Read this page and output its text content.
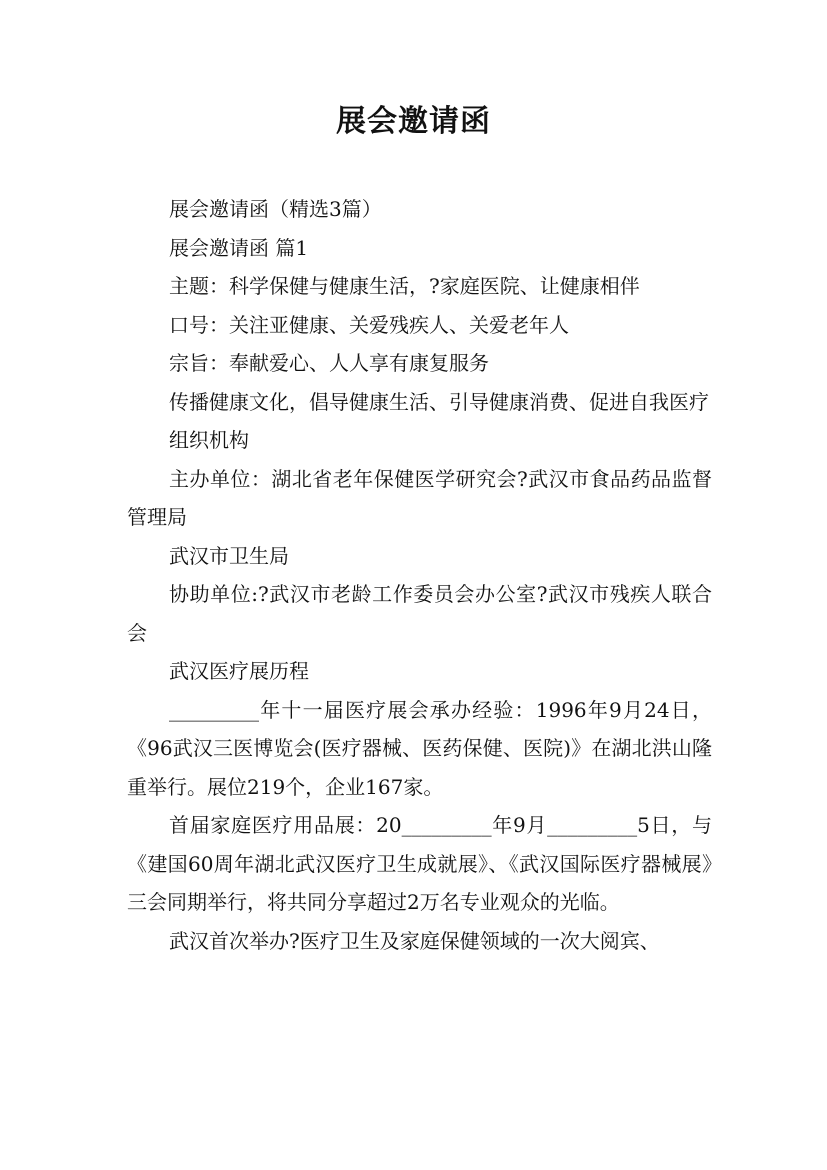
展会邀请函

展会邀请函（精选3篇）

展会邀请函 篇1

主题：科学保健与健康生活，?家庭医院、让健康相伴

口号：关注亚健康、关爱残疾人、关爱老年人

宗旨：奉献爱心、人人享有康复服务

传播健康文化，倡导健康生活、引导健康消费、促进自我医疗

组织机构

主办单位：湖北省老年保健医学研究会?武汉市食品药品监督管理局

武汉市卫生局

协助单位:?武汉市老龄工作委员会办公室?武汉市残疾人联合会

武汉医疗展历程

_________年十一届医疗展会承办经验：1996年9月24日，《96武汉三医博览会(医疗器械、医药保健、医院)》在湖北洪山隆重举行。展位219个，企业167家。

首届家庭医疗用品展：20_________年9月_________5日，与《建国60周年湖北武汉医疗卫生成就展》、《武汉国际医疗器械展》三会同期举行，将共同分享超过2万名专业观众的光临。

武汉首次举办?医疗卫生及家庭保健领域的一次大阅宾、
